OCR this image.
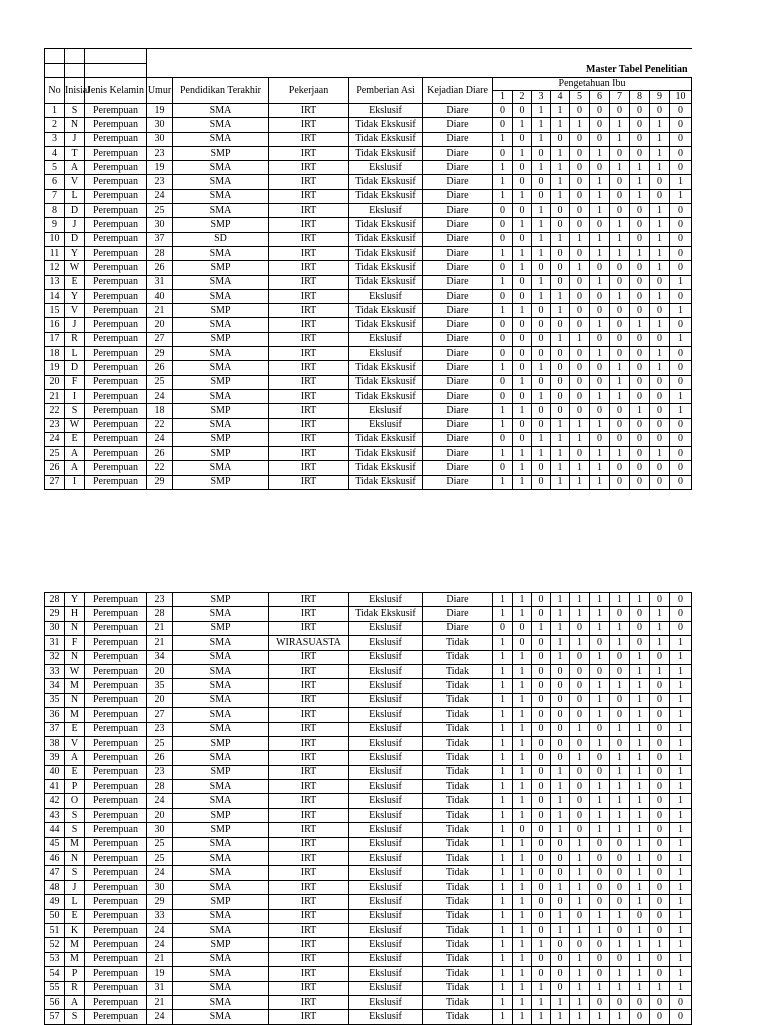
								Master Tabel Penelitian									
No	Inisial	Jenis Kelamin	Umur	Pendidikan Terakhir	Pekerjaan	Pemberian Asi	Kejadian Diare	Pengetahuan Ibu									
								1	2	3	4	5	6	7	8	9	10
1	S	Perempuan	19	SMA	IRT	Ekslusif	Diare	0	0	1	1	0	0	0	0	0	0
2	N	Perempuan	30	SMA	IRT	Tidak Ekskusif	Diare	0	1	1	1	1	0	1	0	1	0
3	J	Perempuan	30	SMA	IRT	Tidak Ekskusif	Diare	1	0	1	0	0	0	1	0	1	0
4	T	Perempuan	23	SMP	IRT	Tidak Ekskusif	Diare	0	1	0	1	0	1	0	0	1	0
5	A	Perempuan	19	SMA	IRT	Ekslusif	Diare	1	0	1	1	0	0	1	1	1	0
6	V	Perempuan	23	SMA	IRT	Tidak Ekskusif	Diare	1	0	0	1	0	1	0	1	0	1
7	L	Perempuan	24	SMA	IRT	Tidak Ekskusif	Diare	1	1	0	1	0	1	0	1	0	1
8	D	Perempuan	25	SMA	IRT	Ekslusif	Diare	0	0	1	0	0	1	0	0	1	0
9	J	Perempuan	30	SMP	IRT	Tidak Ekskusif	Diare	0	1	1	0	0	0	1	0	1	0
10	D	Perempuan	37	SD	IRT	Tidak Ekskusif	Diare	0	0	1	1	1	1	1	0	1	0
11	Y	Perempuan	28	SMA	IRT	Tidak Ekskusif	Diare	1	1	1	0	0	1	1	1	1	0
12	W	Perempuan	26	SMP	IRT	Tidak Ekskusif	Diare	0	1	0	0	1	0	0	0	1	0
13	E	Perempuan	31	SMA	IRT	Tidak Ekskusif	Diare	1	0	1	0	0	1	0	0	0	1
14	Y	Perempuan	40	SMA	IRT	Ekslusif	Diare	0	0	1	1	0	0	1	0	1	0
15	V	Perempuan	21	SMP	IRT	Tidak Ekskusif	Diare	1	1	0	1	0	0	0	0	0	1
16	J	Perempuan	20	SMA	IRT	Tidak Ekskusif	Diare	0	0	0	0	0	1	0	1	1	0
17	R	Perempuan	27	SMP	IRT	Ekslusif	Diare	0	0	0	1	1	0	0	0	0	1
18	L	Perempuan	29	SMA	IRT	Ekslusif	Diare	0	0	0	0	0	1	0	0	1	0
19	D	Perempuan	26	SMA	IRT	Tidak Ekskusif	Diare	1	0	1	0	0	0	1	0	1	0
20	F	Perempuan	25	SMP	IRT	Tidak Ekskusif	Diare	0	1	0	0	0	0	1	0	0	0
21	I	Perempuan	24	SMA	IRT	Tidak Ekskusif	Diare	0	0	1	0	0	1	1	0	0	1
22	S	Perempuan	18	SMP	IRT	Ekslusif	Diare	1	1	0	0	0	0	0	1	0	1
23	W	Perempuan	22	SMA	IRT	Ekslusif	Diare	1	0	0	1	1	1	0	0	0	0
24	E	Perempuan	24	SMP	IRT	Tidak Ekskusif	Diare	0	0	1	1	1	0	0	0	0	0
25	A	Perempuan	26	SMP	IRT	Tidak Ekskusif	Diare	1	1	1	1	0	1	1	0	1	0
26	A	Perempuan	22	SMA	IRT	Tidak Ekskusif	Diare	0	1	0	1	1	1	0	0	0	0
27	I	Perempuan	29	SMP	IRT	Tidak Ekskusif	Diare	1	1	0	1	1	1	0	0	0	0
28	Y	Perempuan	23	SMP	IRT	Ekslusif	Diare	1	1	0	1	1	1	1	1	0	0
29	H	Perempuan	28	SMA	IRT	Tidak Ekskusif	Diare	1	1	0	1	1	1	0	0	1	0
30	N	Perempuan	21	SMP	IRT	Ekslusif	Diare	0	0	1	1	0	1	1	0	1	0
31	F	Perempuan	21	SMA	WIRASUASTA	Ekslusif	Tidak	1	0	0	1	1	0	1	0	1	1
32	N	Perempuan	34	SMA	IRT	Ekslusif	Tidak	1	1	0	1	0	1	0	1	0	1
33	W	Perempuan	20	SMA	IRT	Ekslusif	Tidak	1	1	0	0	0	0	0	1	1	1
34	M	Perempuan	35	SMA	IRT	Ekslusif	Tidak	1	1	0	0	0	1	1	1	0	1
35	N	Perempuan	20	SMA	IRT	Ekslusif	Tidak	1	1	0	0	0	1	0	1	0	1
36	M	Perempuan	27	SMA	IRT	Ekslusif	Tidak	1	1	0	0	0	1	0	1	0	1
37	E	Perempuan	23	SMA	IRT	Ekslusif	Tidak	1	1	0	0	1	0	1	1	0	1
38	V	Perempuan	25	SMP	IRT	Ekslusif	Tidak	1	1	0	0	0	1	0	1	0	1
39	A	Perempuan	26	SMA	IRT	Ekslusif	Tidak	1	1	0	0	1	0	1	1	0	1
40	E	Perempuan	23	SMP	IRT	Ekslusif	Tidak	1	1	0	1	0	0	1	1	0	1
41	P	Perempuan	28	SMA	IRT	Ekslusif	Tidak	1	1	0	1	0	1	1	1	0	1
42	O	Perempuan	24	SMA	IRT	Ekslusif	Tidak	1	1	0	1	0	1	1	1	0	1
43	S	Perempuan	20	SMP	IRT	Ekslusif	Tidak	1	1	0	1	0	1	1	1	0	1
44	S	Perempuan	30	SMP	IRT	Ekslusif	Tidak	1	0	0	1	0	1	1	1	0	1
45	M	Perempuan	25	SMA	IRT	Ekslusif	Tidak	1	1	0	0	1	0	0	1	0	1
46	N	Perempuan	25	SMA	IRT	Ekslusif	Tidak	1	1	0	0	1	0	0	1	0	1
47	S	Perempuan	24	SMA	IRT	Ekslusif	Tidak	1	1	0	0	1	0	0	1	0	1
48	J	Perempuan	30	SMA	IRT	Ekslusif	Tidak	1	1	0	1	1	0	0	1	0	1
49	L	Perempuan	29	SMP	IRT	Ekslusif	Tidak	1	1	0	0	1	0	0	1	0	1
50	E	Perempuan	33	SMA	IRT	Ekslusif	Tidak	1	1	0	1	0	1	1	0	0	1
51	K	Perempuan	24	SMA	IRT	Ekslusif	Tidak	1	1	0	1	1	1	0	1	0	1
52	M	Perempuan	24	SMP	IRT	Ekslusif	Tidak	1	1	1	0	0	0	1	1	1	1
53	M	Perempuan	21	SMA	IRT	Ekslusif	Tidak	1	1	0	0	1	0	0	1	0	1
54	P	Perempuan	19	SMA	IRT	Ekslusif	Tidak	1	1	0	0	1	0	1	1	0	1
55	R	Perempuan	31	SMA	IRT	Ekslusif	Tidak	1	1	1	0	1	1	1	1	1	1
56	A	Perempuan	21	SMA	IRT	Ekslusif	Tidak	1	1	1	1	1	0	0	0	0	0
57	S	Perempuan	24	SMA	IRT	Ekslusif	Tidak	1	1	1	1	1	1	1	0	0	0
